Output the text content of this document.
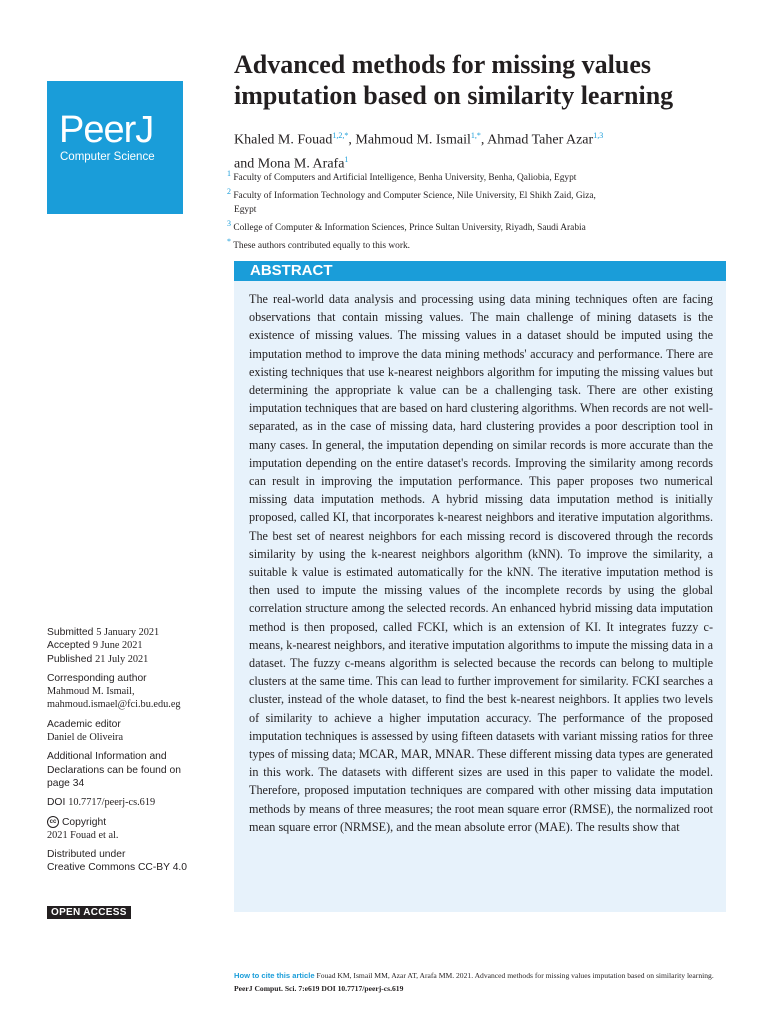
PeerJ
Computer Science
Advanced methods for missing values
imputation based on similarity learning
Khaled M. Fouad$^{1,2,*}$, Mahmoud M. Ismail$^{1,*}$, Ahmad Taher Azar$^{1,3}$
and Mona M. Arafa$^1$

$^1$ Faculty of Computers and Artificial Intelligence, Benha University, Benha, Qaliobia, Egypt

$^2$ Faculty of Information Technology and Computer Science, Nile University, El Shikh Zaid, Giza,
Egypt

$^3$ College of Computer & Information Sciences, Prince Sultan University, Riyadh, Saudi Arabia

* These authors contributed equally to this work.

ABSTRACT

The real-world data analysis and processing using data mining techniques often are facing observations that contain missing values. The main challenge of mining datasets is the existence of missing values. The missing values in a dataset should be imputed using the imputation method to improve the data mining methods' accuracy and performance. There are existing techniques that use k-nearest neighbors algorithm for imputing the missing values but determining the appropriate k value can be a challenging task. There are other existing imputation techniques that are based on hard clustering algorithms. When records are not well-separated, as in the case of missing data, hard clustering provides a poor description tool in many cases. In general, the imputation depending on similar records is more accurate than the imputation depending on the entire dataset's records. Improving the similarity among records can result in improving the imputation performance. This paper proposes two numerical missing data imputation methods. A hybrid missing data imputation method is initially proposed, called KI, that incorporates k-nearest neighbors and iterative imputation algorithms. The best set of nearest neighbors for each missing record is discovered through the records similarity by using the k-nearest neighbors algorithm (kNN). To improve the similarity, a suitable k value is estimated automatically for the kNN. The iterative imputation method is then used to impute the missing values of the incomplete records by using the global correlation structure among the selected records. An enhanced hybrid missing data imputation method is then proposed, called FCKI, which is an extension of KI. It integrates fuzzy c-means, k-nearest neighbors, and iterative imputation algorithms to impute the missing data in a dataset. The fuzzy c-means algorithm is selected because the records can belong to multiple clusters at the same time. This can lead to further improvement for similarity. FCKI searches a cluster, instead of the whole dataset, to find the best k-nearest neighbors. It applies two levels of similarity to achieve a higher imputation accuracy. The performance of the proposed imputation techniques is assessed by using fifteen datasets with variant missing ratios for three types of missing data; MCAR, MAR, MNAR. These different missing data types are generated in this work. The datasets with different sizes are used in this paper to validate the model. Therefore, proposed imputation techniques are compared with other missing data imputation methods by means of three measures; the root mean square error (RMSE), the normalized root mean square error (NRMSE), and the mean absolute error (MAE). The results show that

Submitted 5 January 2021
Accepted 9 June 2021
Published 21 July 2021
Corresponding author
Mahmoud M. Ismail,
mahmoud.ismael@fci.bu.edu.eg
Academic editor
Daniel de Oliveira
Additional Information and
Declarations can be found on
page 34
DOI 10.7717/peerj-cs.619
cc Copyright
2021 Fouad et al.
Distributed under
Creative Commons CC-BY 4.0
OPEN ACCESS
How to cite this article Fouad KM, Ismail MM, Azar AT, Arafa MM. 2021. Advanced methods for missing values imputation based on similarity learning. PeerJ Comput. Sci. 7:e619 DOI 10.7717/peerj-cs.619
